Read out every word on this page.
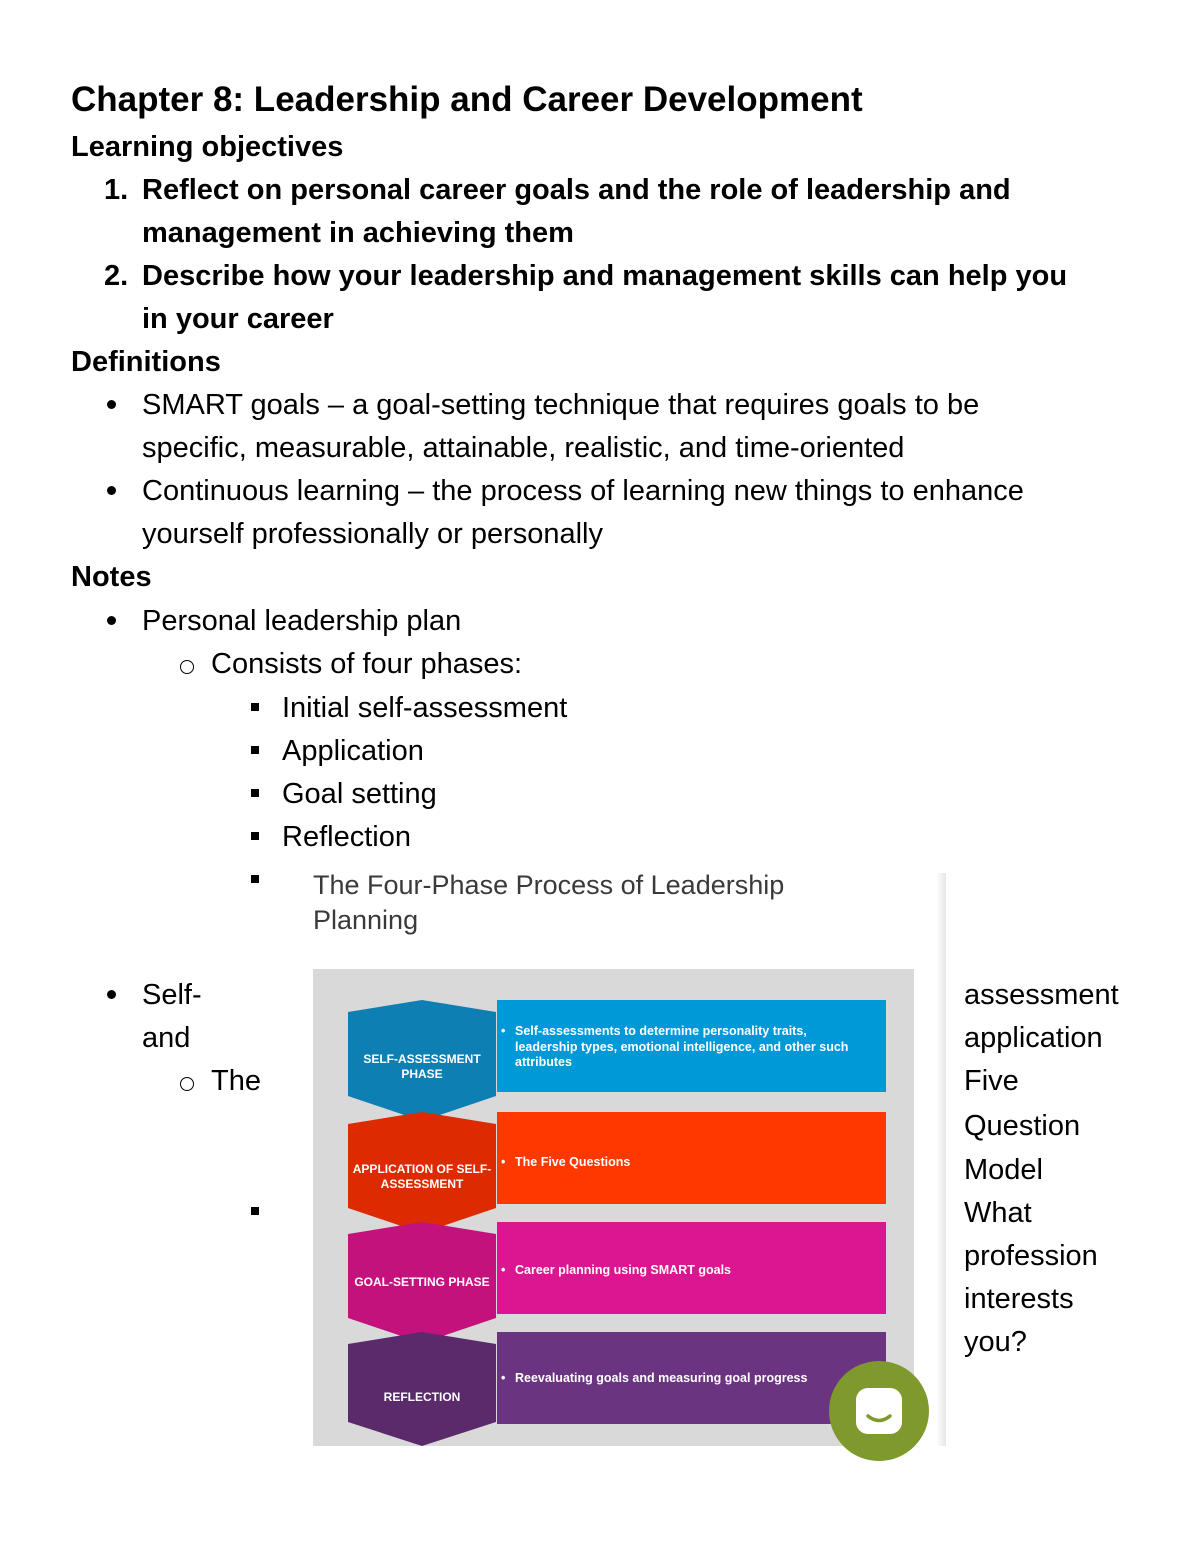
Chapter 8: Leadership and Career Development
Learning objectives
1. Reflect on personal career goals and the role of leadership and
management in achieving them
2. Describe how your leadership and management skills can help you
in your career
Definitions
SMART goals – a goal-setting technique that requires goals to be
specific, measurable, attainable, realistic, and time-oriented
Continuous learning – the process of learning new things to enhance
yourself professionally or personally
Notes
Personal leadership plan
Consists of four phases:
Initial self-assessment
Application
Goal setting
Reflection
Self-
and
assessment
application
The	Five
Question
Model
What
profession
interests
you?
The Four-Phase Process of Leadership Planning
• Self-assessments to determine personality traits, leadership types, emotional intelligence, and other such attributes
• The Five Questions
• Career planning using SMART goals
• Reevaluating goals and measuring goal progress
SELF-ASSESSMENT PHASE
APPLICATION OF SELF-ASSESSMENT
GOAL-SETTING PHASE
REFLECTION
